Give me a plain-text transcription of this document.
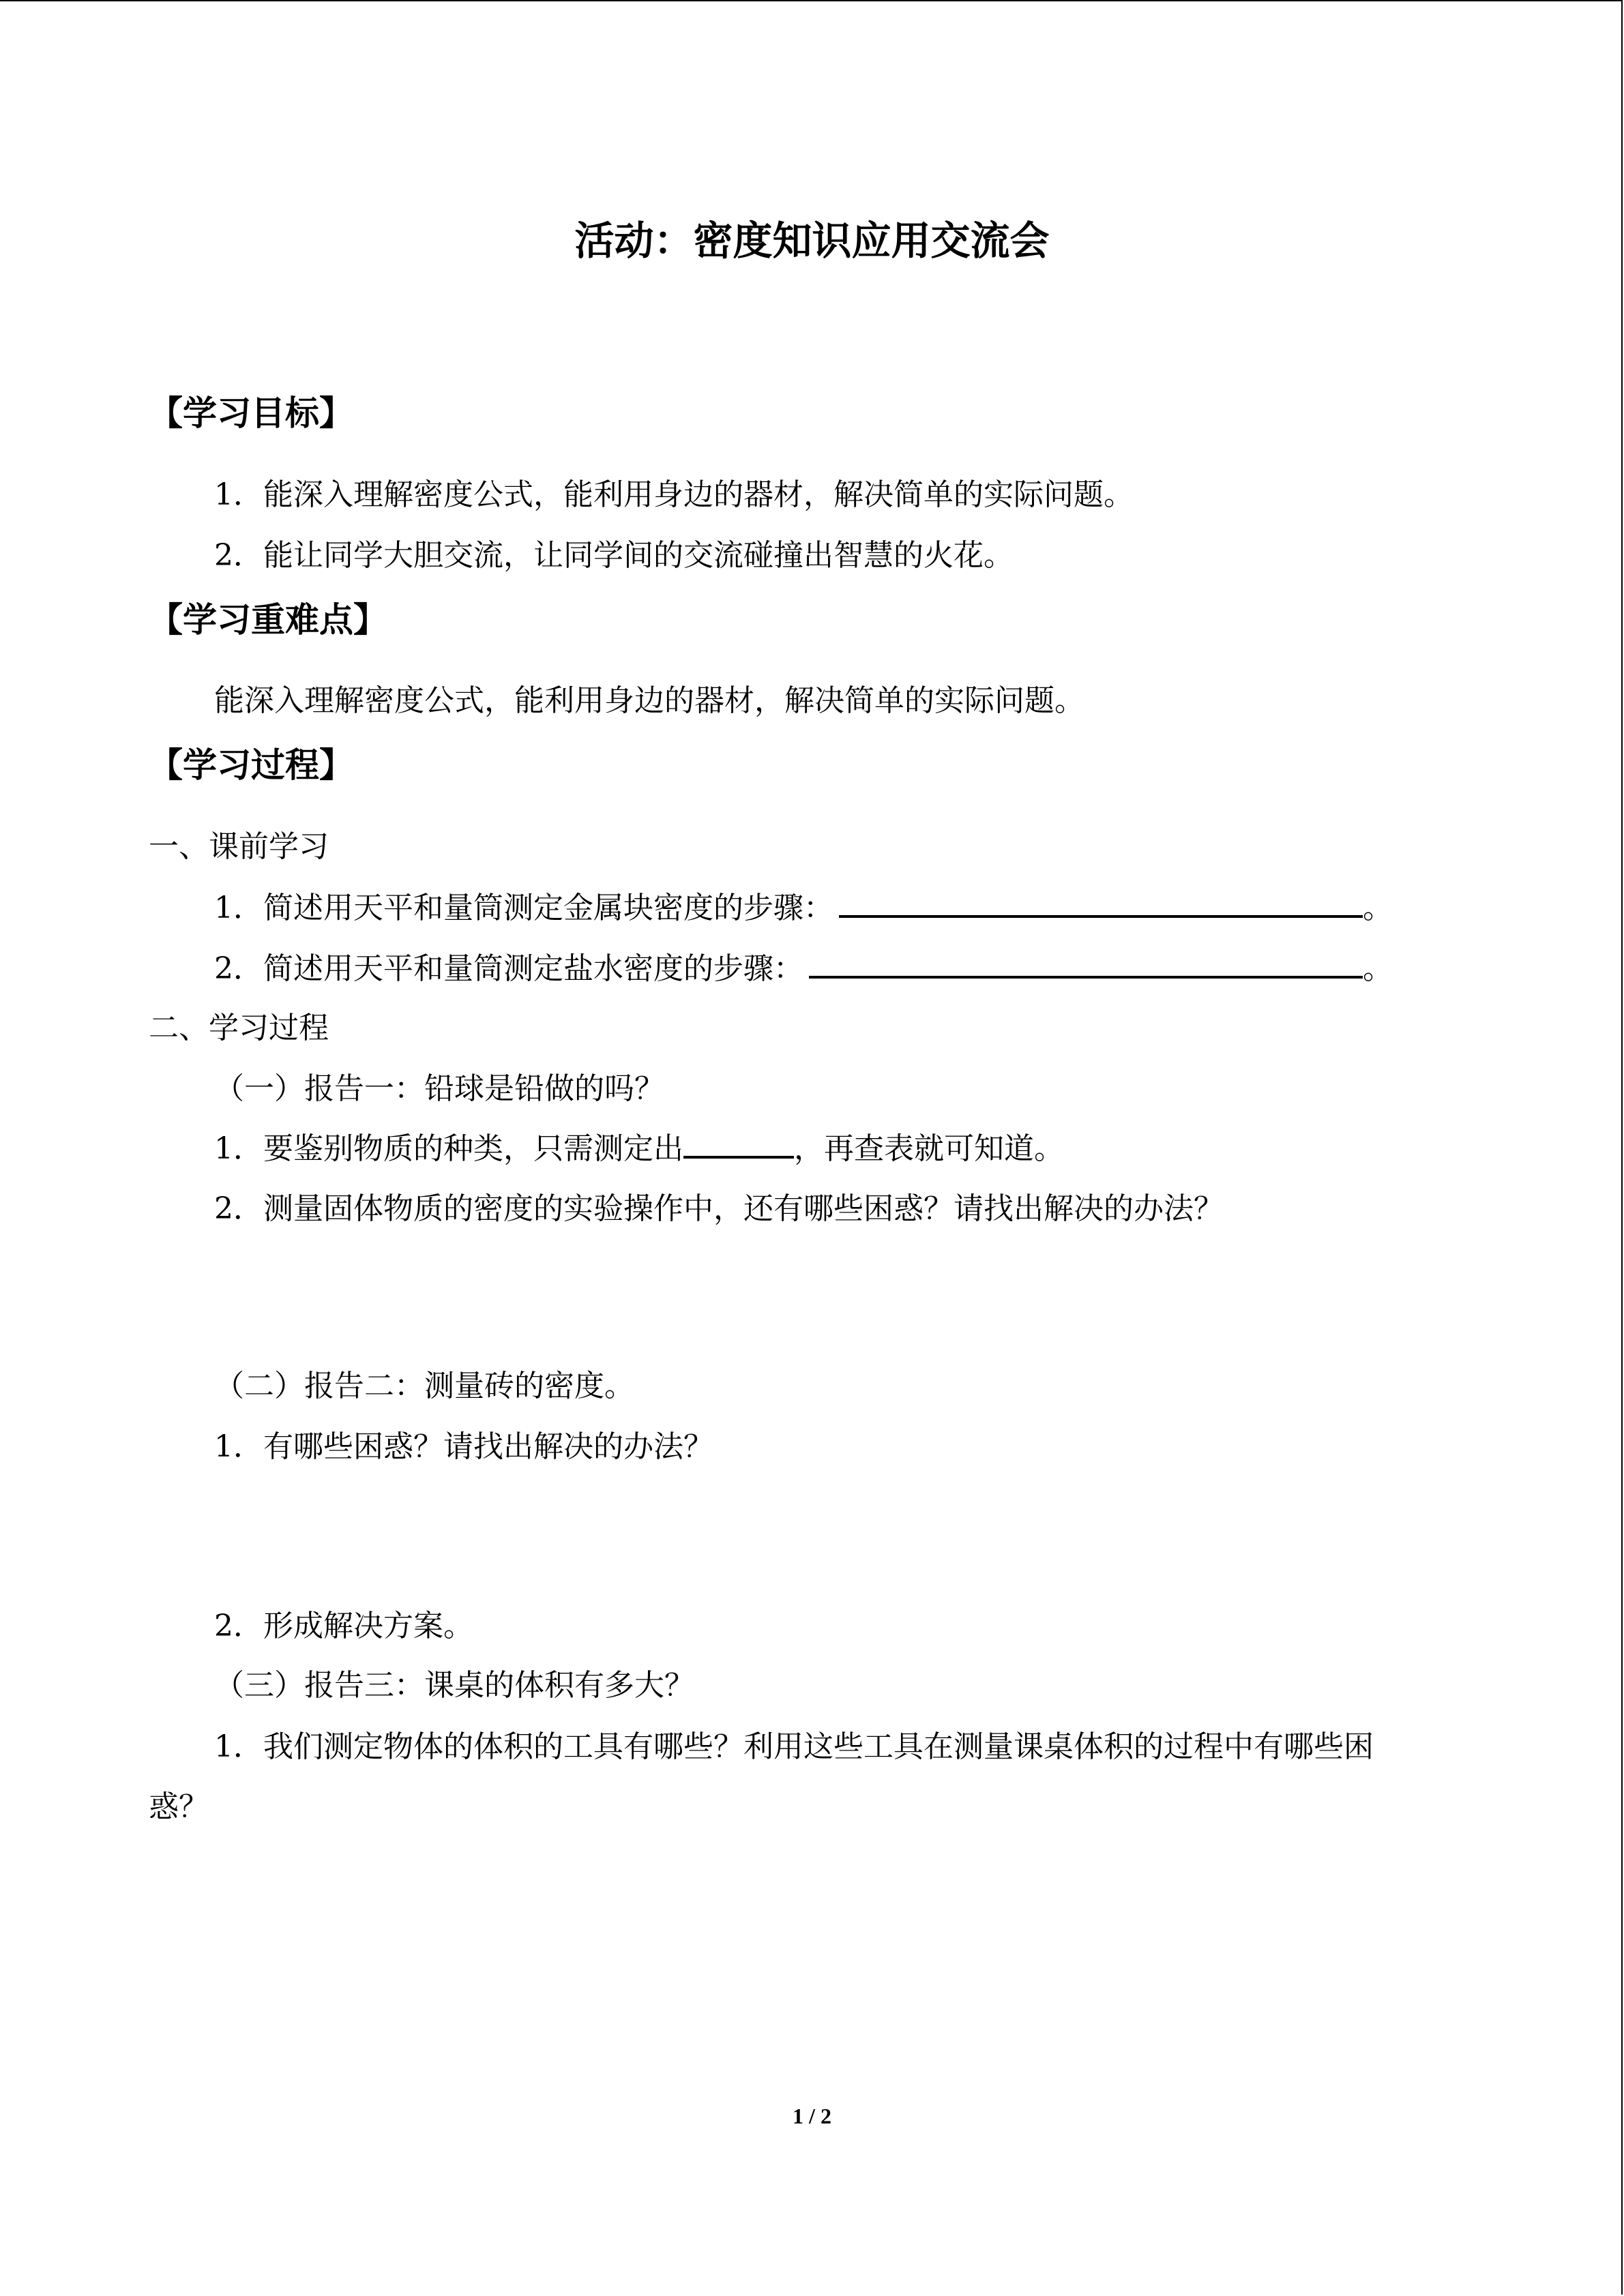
活动：密度知识应用交流会
【学习目标】
1．能深入理解密度公式，能利用身边的器材，解决简单的实际问题。
2．能让同学大胆交流，让同学间的交流碰撞出智慧的火花。
【学习重难点】
能深入理解密度公式，能利用身边的器材，解决简单的实际问题。
【学习过程】
一、课前学习
1．简述用天平和量筒测定金属块密度的步骤：	。
2．简述用天平和量筒测定盐水密度的步骤：	。
二、学习过程
（一）报告一：铅球是铅做的吗？
1．要鉴别物质的种类，只需测定出	，再查表就可知道。
2．测量固体物质的密度的实验操作中，还有哪些困惑？请找出解决的办法？
（二）报告二：测量砖的密度。
1．有哪些困惑？请找出解决的办法？
2．形成解决方案。
（三）报告三：课桌的体积有多大？
1．我们测定物体的体积的工具有哪些？利用这些工具在测量课桌体积的过程中有哪些困
惑？
1 / 2
